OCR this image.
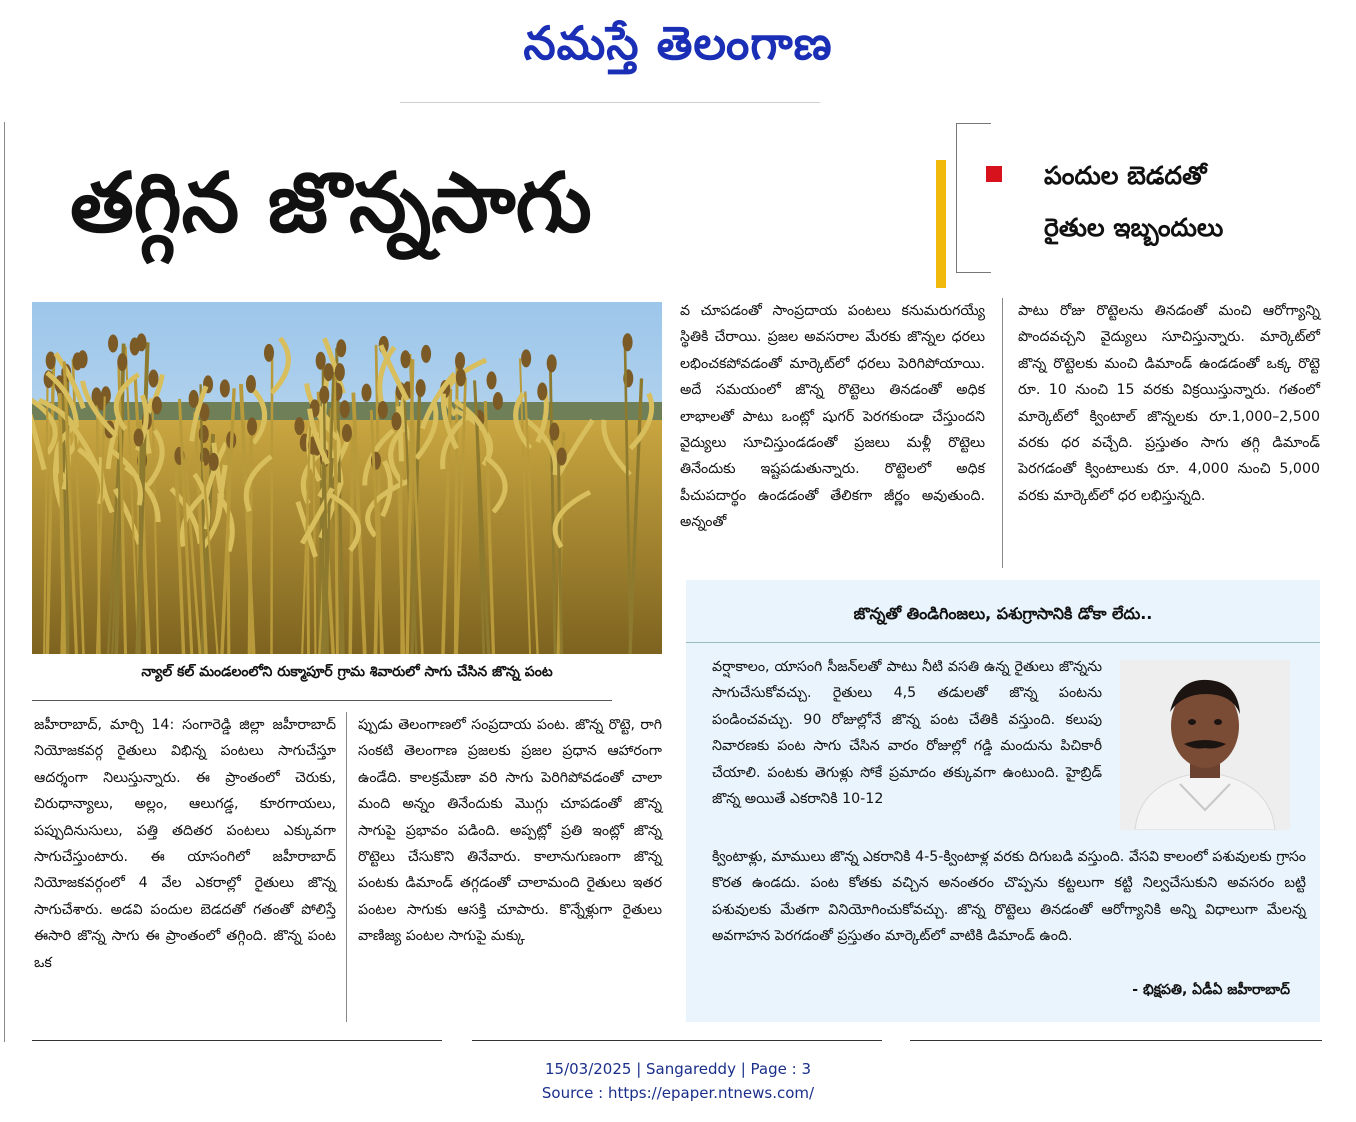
నమస్తే తెలంగాణ
తగ్గిన జొన్నసాగు	పందుల బెడదతో
రైతుల ఇబ్బందులు
న్యాల్ కల్ మండలంలోని రుక్మాపూర్ గ్రామ శివారులో సాగు చేసిన జొన్న పంట
జహీరాబాద్, మార్చి 14: సంగారెడ్డి జిల్లా జహీరాబాద్ నియోజకవర్గ రైతులు విభిన్న పంటలు సాగుచేస్తూ ఆదర్శంగా నిలుస్తున్నారు. ఈ ప్రాంతంలో చెరుకు, చిరుధాన్యాలు, అల్లం, ఆలుగడ్డ, కూరగాయలు, పప్పుదినుసులు, పత్తి తదితర పంటలు ఎక్కువగా సాగుచేస్తుంటారు. ఈ యాసంగిలో జహీరాబాద్ నియోజకవర్గంలో 4 వేల ఎకరాల్లో రైతులు జొన్న సాగుచేశారు. అడవి పందుల బెడదతో గతంతో పోలిస్తే ఈసారి జొన్న సాగు ఈ ప్రాంతంలో తగ్గింది. జొన్న పంట ఒక
ప్పుడు తెలంగాణలో సంప్రదాయ పంట. జొన్న రొట్టె, రాగి సంకటి తెలంగాణ ప్రజలకు ప్రజల ప్రధాన ఆహారంగా ఉండేది. కాలక్రమేణా వరి సాగు పెరిగిపోవడంతో చాలా మంది అన్నం తినేందుకు మొగ్గు చూపడంతో జొన్న సాగుపై ప్రభావం పడింది. అప్పట్లో ప్రతి ఇంట్లో జొన్న రొట్టెలు చేసుకొని తినేవారు. కాలానుగుణంగా జొన్న పంటకు డిమాండ్ తగ్గడంతో చాలామంది రైతులు ఇతర పంటల సాగుకు ఆసక్తి చూపారు. కొన్నేళ్లుగా రైతులు వాణిజ్య పంటల సాగుపై మక్కు
వ చూపడంతో సాంప్రదాయ పంటలు కనుమరుగయ్యే స్థితికి చేరాయి. ప్రజల అవసరాల మేరకు జొన్నల ధరలు లభించకపోవడంతో మార్కెట్‌లో ధరలు పెరిగిపోయాయి. అదే సమయంలో జొన్న రొట్టెలు తినడంతో అధిక లాభాలతో పాటు ఒంట్లో షుగర్ పెరగకుండా చేస్తుందని వైద్యులు సూచిస్తుండడంతో ప్రజలు మళ్లీ రొట్టెలు తినేందుకు ఇష్టపడుతున్నారు. రొట్టెలలో అధిక పీచుపదార్థం ఉండడంతో తేలికగా జీర్ణం అవుతుంది. అన్నంతో
పాటు రోజు రొట్టెలను తినడంతో మంచి ఆరోగ్యాన్ని పొందవచ్చని వైద్యులు సూచిస్తున్నారు. మార్కెట్‌లో జొన్న రొట్టెలకు మంచి డిమాండ్ ఉండడంతో ఒక్క రొట్టె రూ. 10 నుంచి 15 వరకు విక్రయిస్తున్నారు. గతంలో మార్కెట్‌లో క్వింటాల్ జొన్నలకు రూ.1,000–2,500 వరకు ధర వచ్చేది. ప్రస్తుతం సాగు తగ్గి డిమాండ్ పెరగడంతో క్వింటాలుకు రూ. 4,000 నుంచి 5,000 వరకు మార్కెట్‌లో ధర లభిస్తున్నది.
జొన్నతో తిండిగింజలు, పశుగ్రాసానికి డోకా లేదు..
వర్షాకాలం, యాసంగి సీజన్‌లతో పాటు నీటి వసతి ఉన్న రైతులు జొన్నను సాగుచేసుకోవచ్చు. రైతులు 4,5 తడులతో జొన్న పంటను పండించవచ్చు. 90 రోజుల్లోనే జొన్న పంట చేతికి వస్తుంది. కలుపు నివారణకు పంట సాగు చేసిన వారం రోజుల్లో గడ్డి మందును పిచికారీ చేయాలి. పంటకు తెగుళ్లు సోకే ప్రమాదం తక్కువగా ఉంటుంది. హైబ్రిడ్ జొన్న అయితే ఎకరానికి 10-12
క్వింటాళ్లు, మాములు జొన్న ఎకరానికి 4-5-క్వింటాళ్ల వరకు దిగుబడి వస్తుంది. వేసవి కాలంలో పశువులకు గ్రాసం కొరత ఉండదు. పంట కోతకు వచ్చిన అనంతరం చొప్పను కట్టలుగా కట్టి నిల్వచేసుకుని అవసరం బట్టి పశువులకు మేతగా వినియోగించుకోవచ్చు. జొన్న రొట్టెలు తినడంతో ఆరోగ్యానికి అన్ని విధాలుగా మేలన్న అవగాహన పెరగడంతో ప్రస్తుతం మార్కెట్‌లో వాటికి డిమాండ్ ఉంది.
- భిక్షపతి, ఏడీఏ జహీరాబాద్
15/03/2025 | Sangareddy | Page : 3
Source : https://epaper.ntnews.com/
